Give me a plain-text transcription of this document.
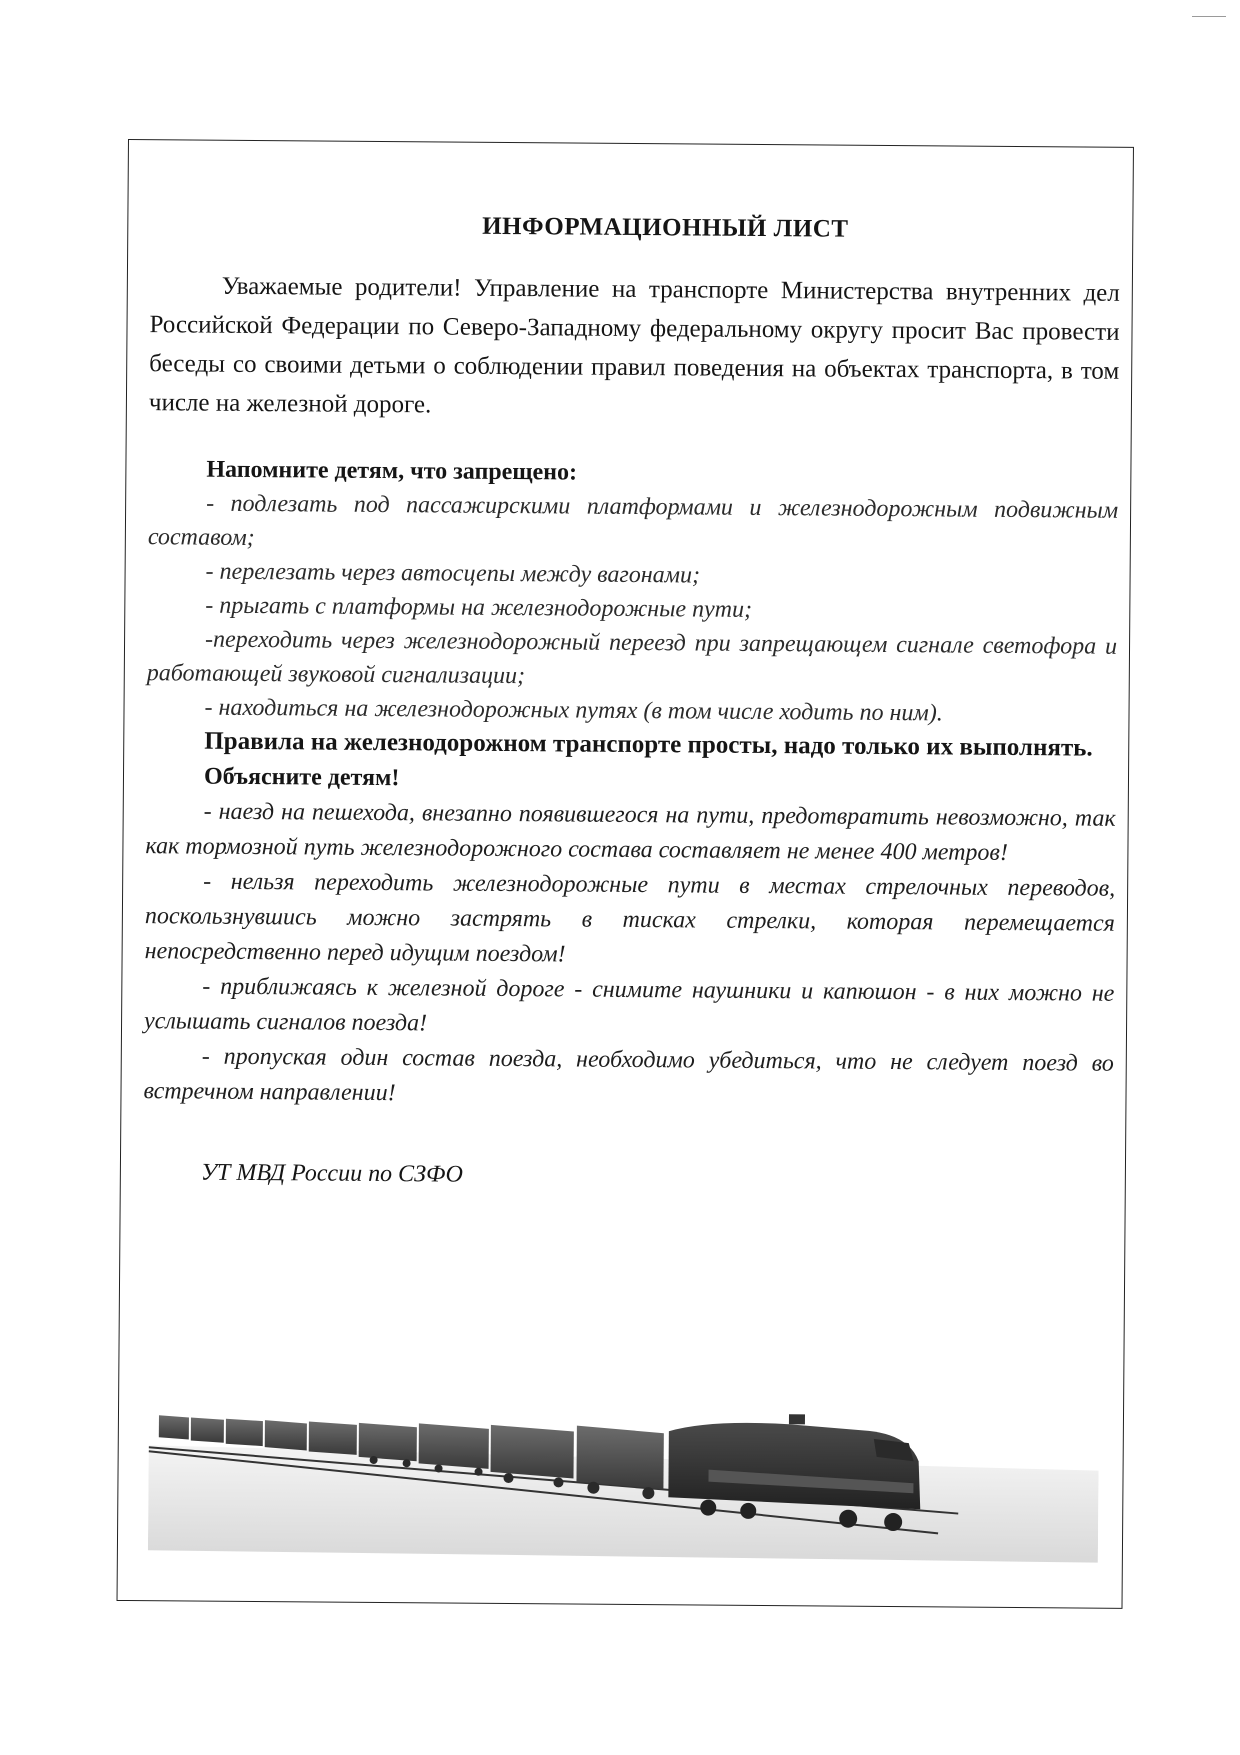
ИНФОРМАЦИОННЫЙ ЛИСТ

Уважаемые родители! Управление на транспорте Министерства внутренних дел Российской Федерации по Северо-Западному федеральному округу просит Вас провести беседы со своими детьми о соблюдении правил поведения на объектах транспорта, в том числе на железной дороге.

Напомните детям, что запрещено:

- подлезать под пассажирскими платформами и железнодорожным подвижным составом;

- перелезать через автосцепы между вагонами;

- прыгать с платформы на железнодорожные пути;

-переходить через железнодорожный переезд при запрещающем сигнале светофора и работающей звуковой сигнализации;

- находиться на железнодорожных путях (в том числе ходить по ним).

Правила на железнодорожном транспорте просты, надо только их выполнять.

Объясните детям!

- наезд на пешехода, внезапно появившегося на пути, предотвратить невозможно, так как тормозной путь железнодорожного состава составляет не менее 400 метров!

- нельзя переходить железнодорожные пути в местах стрелочных переводов, поскользнувшись можно застрять в тисках стрелки, которая перемещается непосредственно перед идущим поездом!

- приближаясь к железной дороге - снимите наушники и капюшон - в них можно не услышать сигналов поезда!

- пропуская один состав поезда, необходимо убедиться, что не следует поезд во встречном направлении!

УТ МВД России по СЗФО
